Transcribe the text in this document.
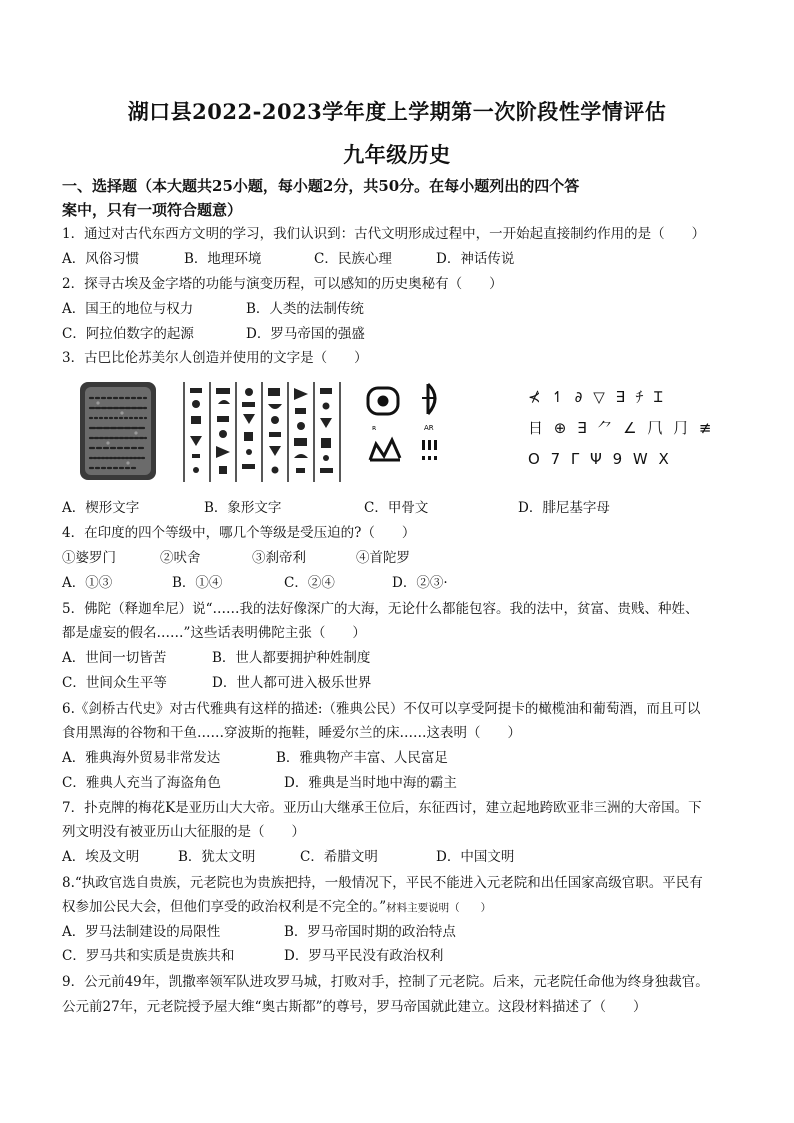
湖口县2022-2023学年度上学期第一次阶段性学情评估
九年级历史
一、选择题（本大题共25小题，每小题2分，共50分。在每小题列出的四个答
案中，只有一项符合题意）
1．通过对古代东西方文明的学习，我们认识到：古代文明形成过程中，一开始起直接制约作用的是（　　）
A．风俗习惯	B．地理环境	C．民族心理	D．神话传说
2．探寻古埃及金字塔的功能与演变历程，可以感知的历史奥秘有（　　）
A．国王的地位与权力	B．人类的法制传统
C．阿拉伯数字的起源	D．罗马帝国的强盛
3．古巴比伦苏美尔人创造并使用的文字是（　　）
ʀ	AR
⊀ ↿ ∂ ▽ ∃ ﾁ Ɪ
日 ⊕ ∃ ⺈ ∠ ⺇ ⺆ ≢
O 7 Γ Ψ 9 W X
A．楔形文字	B．象形文字	C．甲骨文	D．腓尼基字母
4．在印度的四个等级中，哪几个等级是受压迫的?（　　）
①婆罗门	②吠舍	③刹帝利	④首陀罗
A．①③	B．①④	C．②④	D．②③·
5．佛陀（释迦牟尼）说“……我的法好像深广的大海，无论什么都能包容。我的法中，贫富、贵贱、种姓、
都是虚妄的假名……”这些话表明佛陀主张（　　）
A．世间一切皆苦	B．世人都要拥护种姓制度
C．世间众生平等	D．世人都可进入极乐世界
6.《剑桥古代史》对古代雅典有这样的描述:（雅典公民）不仅可以享受阿提卡的橄榄油和葡萄酒，而且可以
食用黑海的谷物和干鱼……穿波斯的拖鞋，睡爱尔兰的床……这表明（　　）
A．雅典海外贸易非常发达	B．雅典物产丰富、人民富足
C．雅典人充当了海盗角色	D．雅典是当时地中海的霸主
7．扑克牌的梅花K是亚历山大大帝。亚历山大继承王位后，东征西讨，建立起地跨欧亚非三洲的大帝国。下
列文明没有被亚历山大征服的是（　　）
A．埃及文明	B．犹太文明	C．希腊文明	D．中国文明
8.“执政官选自贵族，元老院也为贵族把持，一般情况下，平民不能进入元老院和出任国家高级官职。平民有
权参加公民大会，但他们享受的政治权利是不完全的。”材料主要说明（　　）
A．罗马法制建设的局限性	B．罗马帝国时期的政治特点
C．罗马共和实质是贵族共和	D．罗马平民没有政治权利
9．公元前49年，凯撒率领军队进攻罗马城，打败对手，控制了元老院。后来，元老院任命他为终身独裁官。
公元前27年，元老院授予屋大维“奥古斯都”的尊号，罗马帝国就此建立。这段材料描述了（　　）
